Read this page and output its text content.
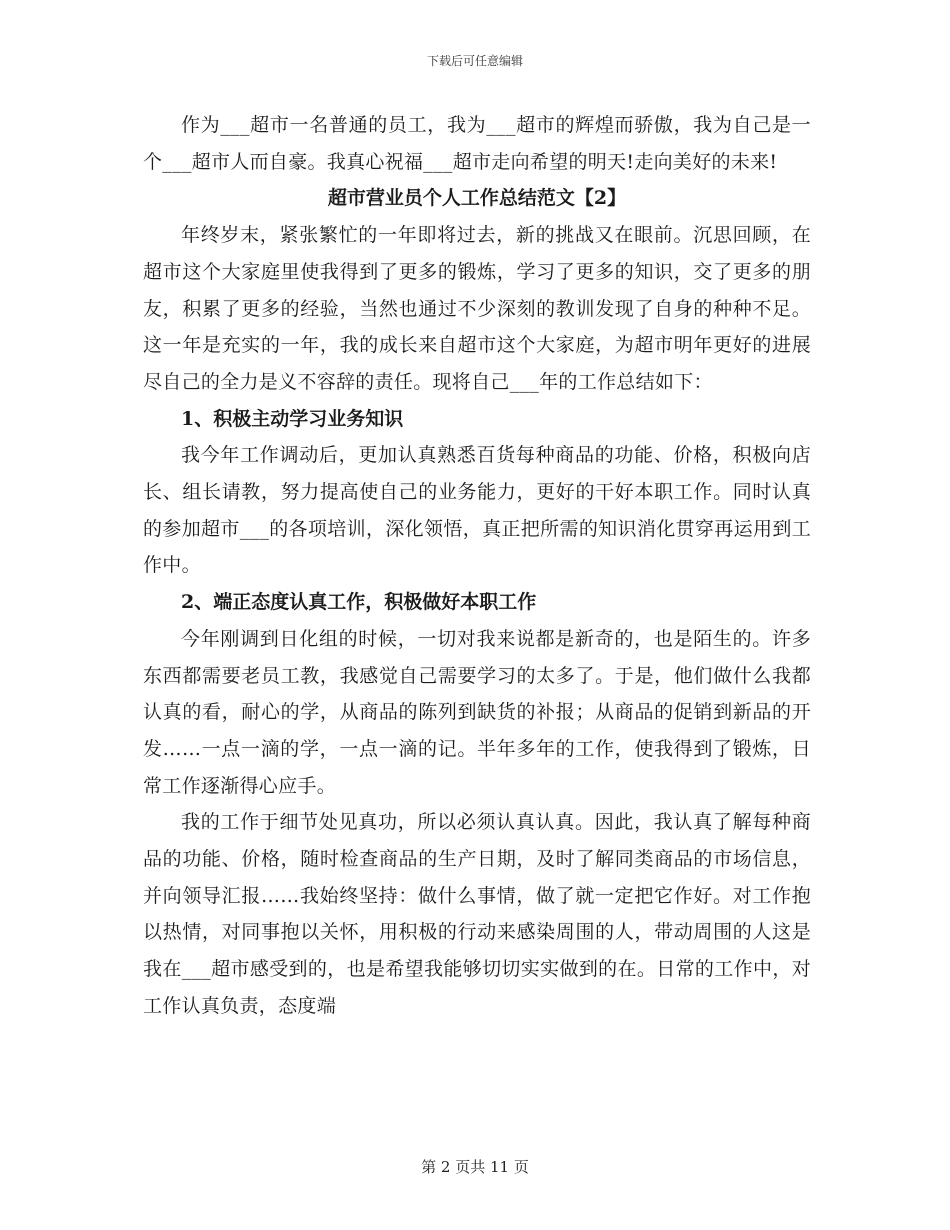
下载后可任意编辑

作为___超市一名普通的员工，我为___超市的辉煌而骄傲，我为自己是一个___超市人而自豪。我真心祝福___超市走向希望的明天!走向美好的未来!

超市营业员个人工作总结范文【2】

年终岁末，紧张繁忙的一年即将过去，新的挑战又在眼前。沉思回顾，在超市这个大家庭里使我得到了更多的锻炼，学习了更多的知识，交了更多的朋友，积累了更多的经验，当然也通过不少深刻的教训发现了自身的种种不足。这一年是充实的一年，我的成长来自超市这个大家庭，为超市明年更好的进展尽自己的全力是义不容辞的责任。现将自己___年的工作总结如下：

1、积极主动学习业务知识

我今年工作调动后，更加认真熟悉百货每种商品的功能、价格，积极向店长、组长请教，努力提高使自己的业务能力，更好的干好本职工作。同时认真的参加超市___的各项培训，深化领悟，真正把所需的知识消化贯穿再运用到工作中。

2、端正态度认真工作，积极做好本职工作

今年刚调到日化组的时候，一切对我来说都是新奇的，也是陌生的。许多东西都需要老员工教，我感觉自己需要学习的太多了。于是，他们做什么我都认真的看，耐心的学，从商品的陈列到缺货的补报；从商品的促销到新品的开发……一点一滴的学，一点一滴的记。半年多年的工作，使我得到了锻炼，日常工作逐渐得心应手。

我的工作于细节处见真功，所以必须认真认真。因此，我认真了解每种商品的功能、价格，随时检查商品的生产日期，及时了解同类商品的市场信息，并向领导汇报……我始终坚持：做什么事情，做了就一定把它作好。对工作抱以热情，对同事抱以关怀，用积极的行动来感染周围的人，带动周围的人这是我在___超市感受到的，也是希望我能够切切实实做到的在。日常的工作中，对工作认真负责，态度端

第 2 页共 11 页
